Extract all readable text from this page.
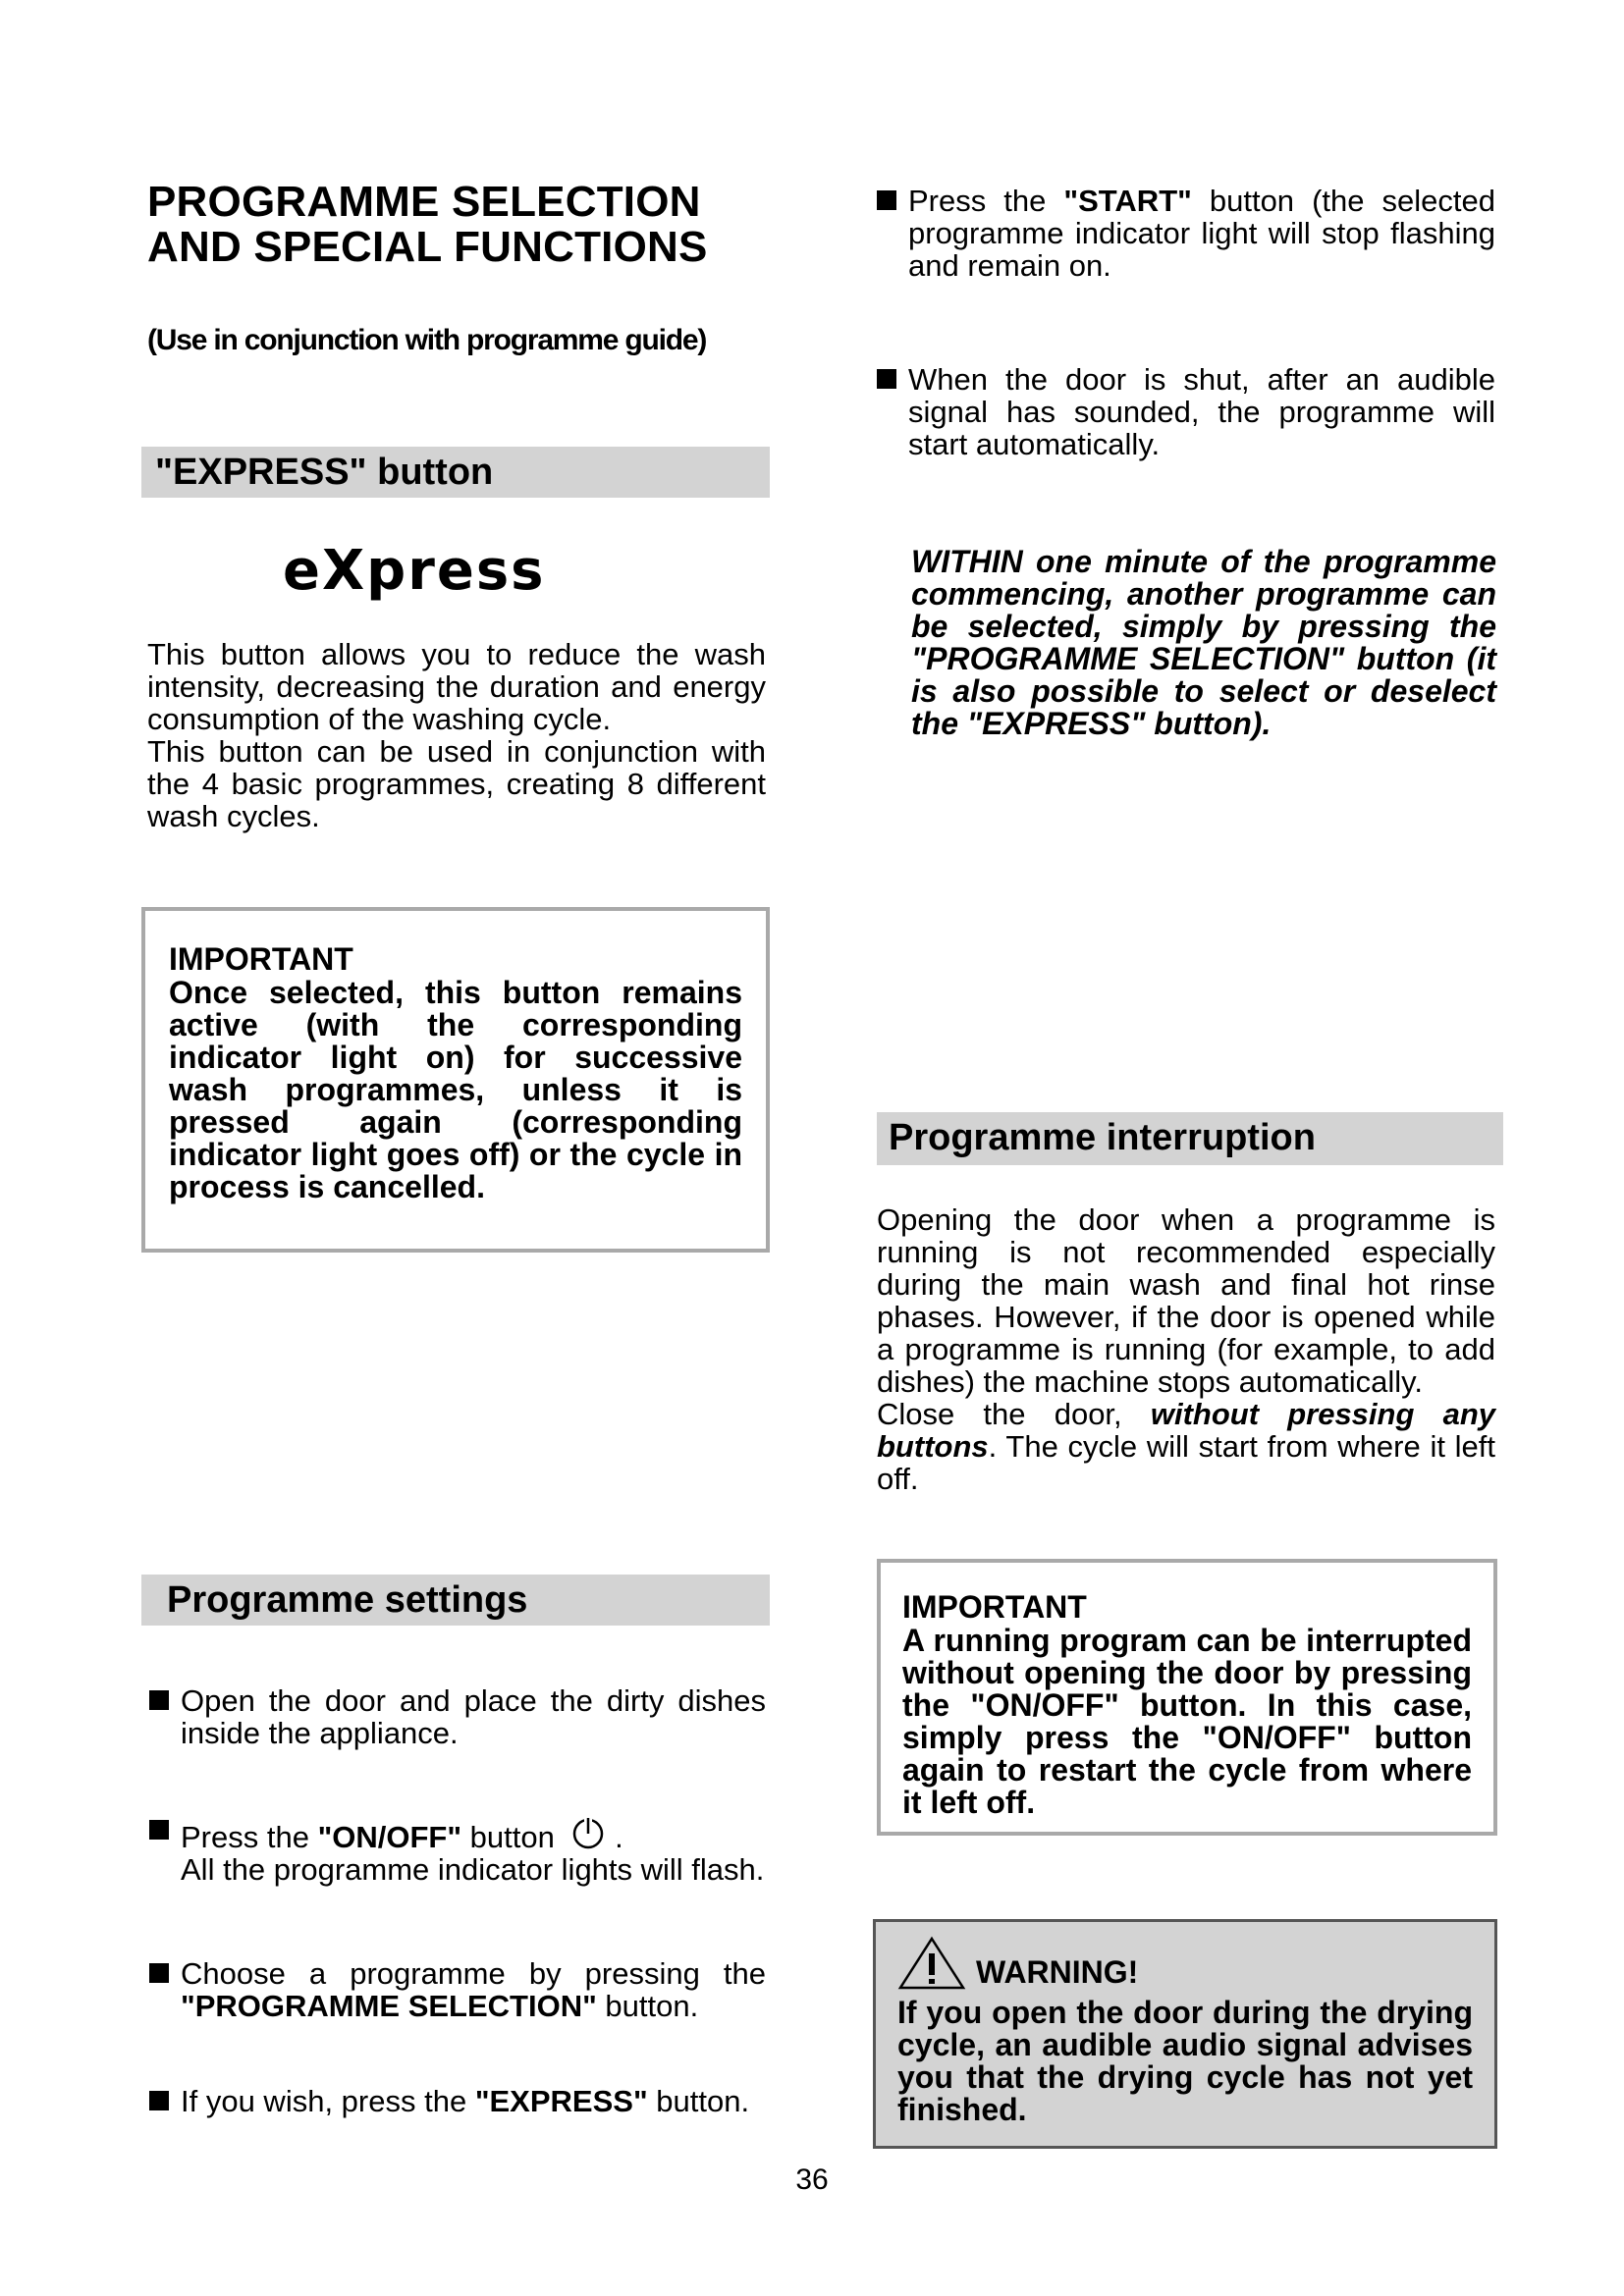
PROGRAMME SELECTION
AND SPECIAL FUNCTIONS
(Use in conjunction with programme guide)
"EXPRESS" button
eXpress

This button allows you to reduce the wash intensity, decreasing the duration and energy consumption of the washing cycle.

This button can be used in conjunction with the 4 basic programmes, creating 8 different wash cycles.

IMPORTANT

Once selected, this button remains active (with the corresponding indicator light on) for successive wash programmes, unless it is pressed again (corresponding indicator light goes off) or the cycle in process is cancelled.

Programme settings
Open the door and place the dirty dishes inside the appliance.
Press the "ON/OFF" button  .
All the programme indicator lights will flash.
Choose a programme by pressing the "PROGRAMME SELECTION" button.
If you wish, press the "EXPRESS" button.
Press the "START" button (the selected programme indicator light will stop flashing and remain on.
When the door is shut, after an audible signal has sounded, the programme will start automatically.
WITHIN one minute of the programme commencing, another programme can be selected, simply by pressing the "PROGRAMME SELECTION" button (it is also possible to select or deselect the "EXPRESS" button).
Programme interruption

Opening the door when a programme is running is not recommended especially during the main wash and final hot rinse phases. However, if the door is opened while a programme is running (for example, to add dishes) the machine stops automatically.

Close the door, without pressing any buttons. The cycle will start from where it left off.

IMPORTANT

A running program can be interrupted without opening the door by pressing the "ON/OFF" button. In this case, simply press the "ON/OFF" button again to restart the cycle from where it left off.

WARNING!

If you open the door during the drying cycle, an audible audio signal advises you that the drying cycle has not yet finished.

36
